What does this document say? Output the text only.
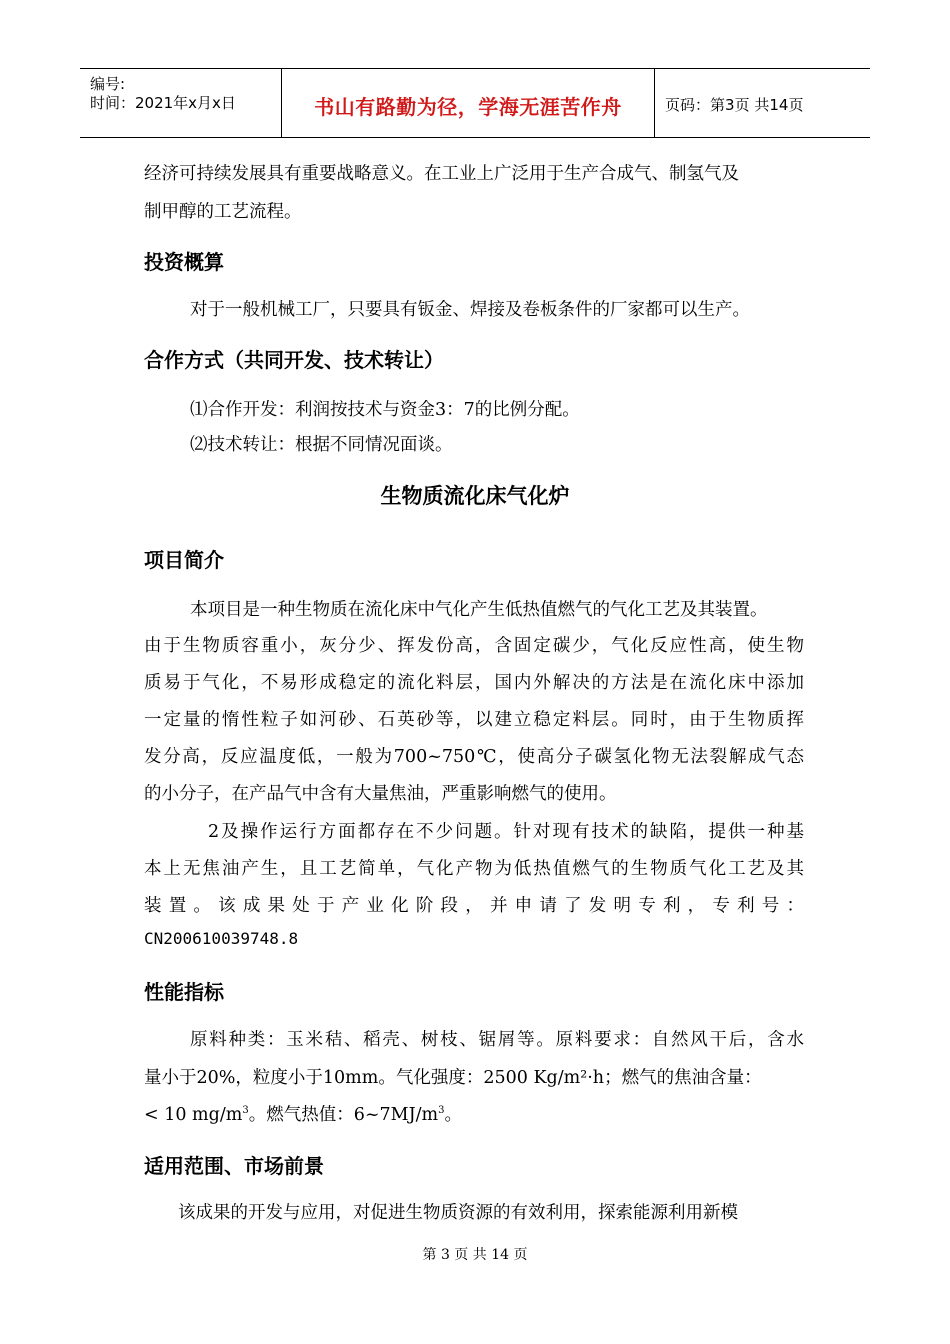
编号:
时间：2021年x月x日	书山有路勤为径，学海无涯苦作舟	页码：第3页 共14页
经济可持续发展具有重要战略意义。在工业上广泛用于生产合成气、制氢气及
制甲醇的工艺流程。
投资概算
对于一般机械工厂，只要具有钣金、焊接及卷板条件的厂家都可以生产。
合作方式（共同开发、技术转让）
⑴合作开发：利润按技术与资金3：7的比例分配。
⑵技术转让：根据不同情况面谈。
生物质流化床气化炉
项目简介
本项目是一种生物质在流化床中气化产生低热值燃气的气化工艺及其装置。
由于生物质容重小，灰分少、挥发份高，含固定碳少，气化反应性高，使生物
质易于气化，不易形成稳定的流化料层，国内外解决的方法是在流化床中添加
一定量的惰性粒子如河砂、石英砂等，以建立稳定料层。同时，由于生物质挥
发分高，反应温度低，一般为700~750℃，使高分子碳氢化物无法裂解成气态
的小分子，在产品气中含有大量焦油，严重影响燃气的使用。
2及操作运行方面都存在不少问题。针对现有技术的缺陷，提供一种基
本上无焦油产生，且工艺简单，气化产物为低热值燃气的生物质气化工艺及其
装置。该成果处于产业化阶段，并申请了发明专利，专利号：
CN200610039748.8
性能指标
原料种类：玉米秸、稻壳、树枝、锯屑等。原料要求：自然风干后，含水
量小于20%，粒度小于10mm。气化强度：2500 Kg/m²·h；燃气的焦油含量：
< 10 $mg/m^3$。燃气热值：$6\sim 7MJ/m^3$。
适用范围、市场前景
该成果的开发与应用，对促进生物质资源的有效利用，探索能源利用新模
第 3 页 共 14 页
